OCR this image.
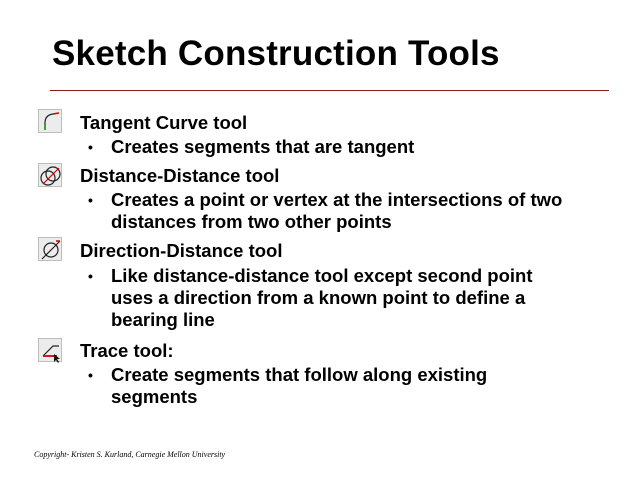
Sketch Construction Tools
Tangent Curve tool
• Creates segments that are tangent
Distance-Distance tool
• Creates a point or vertex at the intersections of two
distances from two other points
Direction-Distance tool
• Like distance-distance tool except second point
uses a direction from a known point to define a
bearing line
Trace tool:
• Create segments that follow along existing
segments
Copyright- Kristen S. Kurland, Carnegie Mellon University
